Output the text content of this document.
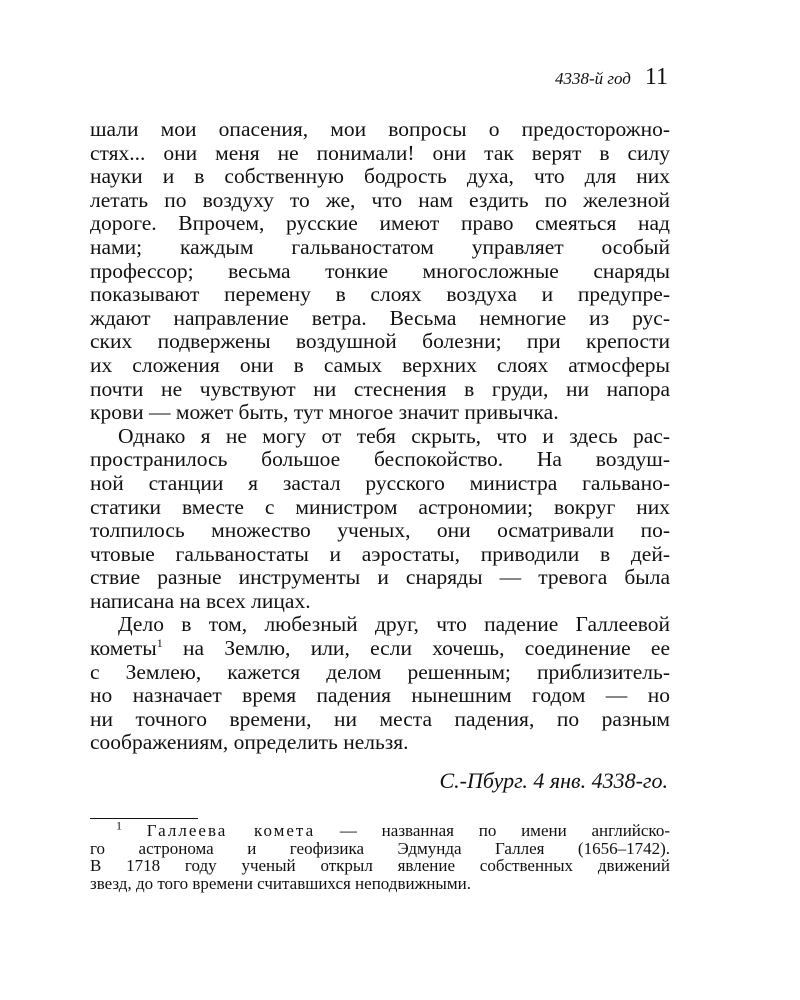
4338-й год 11
шали мои опасения, мои вопросы о предосторожно-
стях... они меня не понимали! они так верят в силу
науки и в собственную бодрость духа, что для них
летать по воздуху то же, что нам ездить по железной
дороге. Впрочем, русские имеют право смеяться над
нами; каждым гальваностатом управляет особый
профессор; весьма тонкие многосложные снаряды
показывают перемену в слоях воздуха и предупре-
ждают направление ветра. Весьма немногие из рус-
ских подвержены воздушной болезни; при крепости
их сложения они в самых верхних слоях атмосферы
почти не чувствуют ни стеснения в груди, ни напора
крови — может быть, тут многое значит привычка.
Однако я не могу от тебя скрыть, что и здесь рас-
пространилось большое беспокойство. На воздуш-
ной станции я застал русского министра гальвано-
статики вместе с министром астрономии; вокруг них
толпилось множество ученых, они осматривали по-
чтовые гальваностаты и аэростаты, приводили в дей-
ствие разные инструменты и снаряды — тревога была
написана на всех лицах.
Дело в том, любезный друг, что падение Галлеевой
кометы$^1$ на Землю, или, если хочешь, соединение ее
с Землею, кажется делом решенным; приблизитель-
но назначает время падения нынешним годом — но
ни точного времени, ни места падения, по разным
соображениям, определить нельзя.
С.-Пбург. 4 янв. 4338-го.
$^1$ Галлеева комета — названная по имени английско-
го астронома и геофизика Эдмунда Галлея (1656–1742).
В 1718 году ученый открыл явление собственных движений
звезд, до того времени считавшихся неподвижными.
